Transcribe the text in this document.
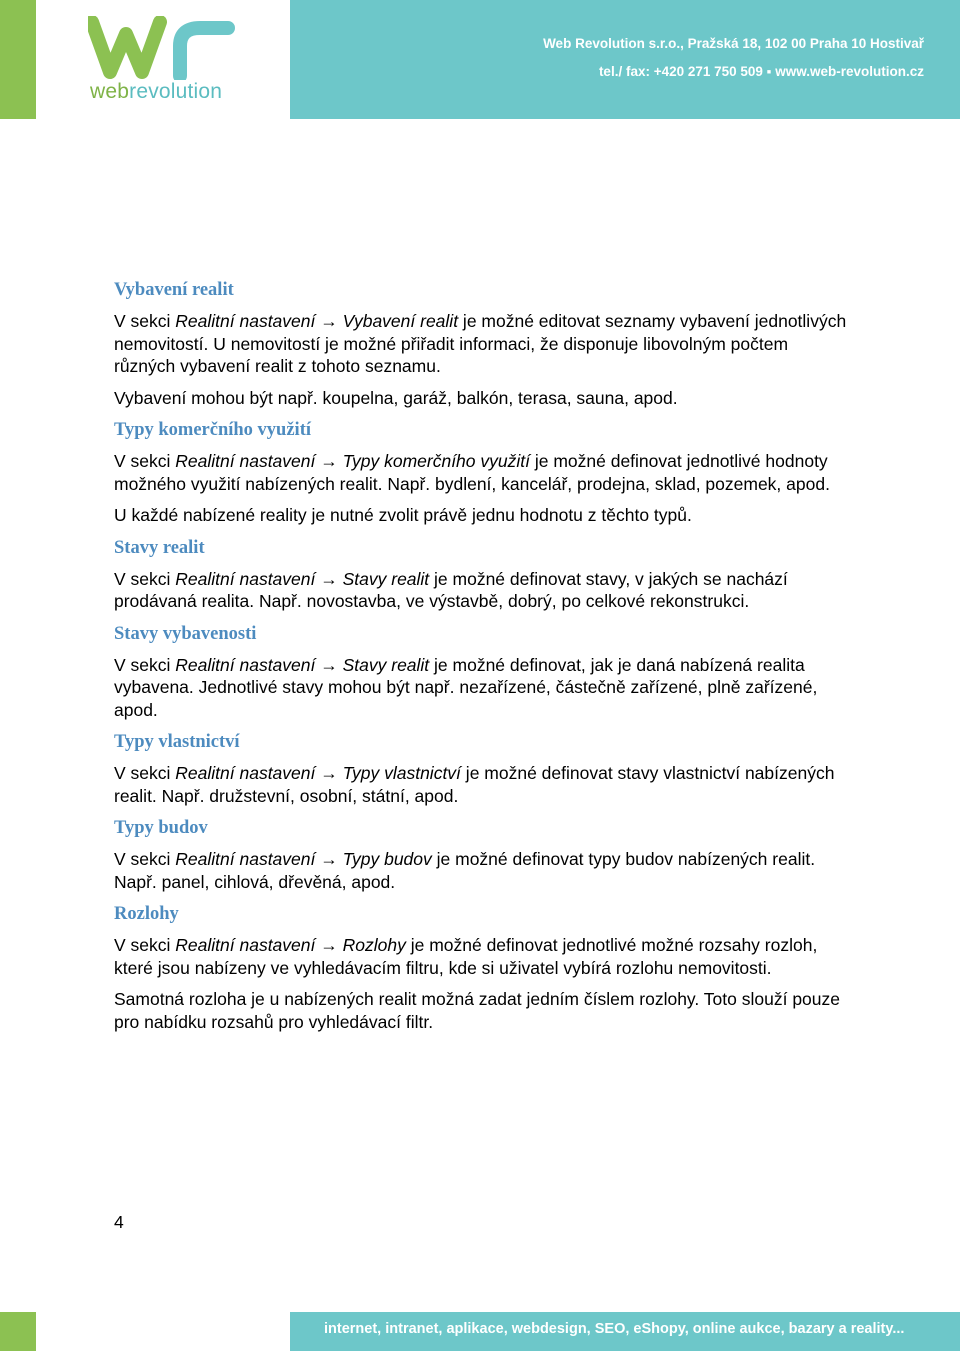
webrevolution
Web Revolution s.r.o., Pražská 18, 102 00 Praha 10 Hostivař
tel./ fax: +420 271 750 509 ▪ www.web-revolution.cz
Vybavení realit

V sekci Realitní nastavení → Vybavení realit je možné editovat seznamy vybavení jednotlivých nemovitostí. U nemovitostí je možné přiřadit informaci, že disponuje libovolným počtem různých vybavení realit z tohoto seznamu.

Vybavení mohou být např. koupelna, garáž, balkón, terasa, sauna, apod.

Typy komerčního využití

V sekci Realitní nastavení → Typy komerčního využití je možné definovat jednotlivé hodnoty možného využití nabízených realit. Např. bydlení, kancelář, prodejna, sklad, pozemek, apod.

U každé nabízené reality je nutné zvolit právě jednu hodnotu z těchto typů.

Stavy realit

V sekci Realitní nastavení → Stavy realit je možné definovat stavy, v jakých se nachází prodávaná realita. Např. novostavba, ve výstavbě, dobrý, po celkové rekonstrukci.

Stavy vybavenosti

V sekci Realitní nastavení → Stavy realit je možné definovat, jak je daná nabízená realita vybavena. Jednotlivé stavy mohou být např. nezařízené, částečně zařízené, plně zařízené, apod.

Typy vlastnictví

V sekci Realitní nastavení → Typy vlastnictví je možné definovat stavy vlastnictví nabízených realit. Např. družstevní, osobní, státní, apod.

Typy budov

V sekci Realitní nastavení → Typy budov je možné definovat typy budov nabízených realit. Např. panel, cihlová, dřevěná, apod.

Rozlohy

V sekci Realitní nastavení → Rozlohy je možné definovat jednotlivé možné rozsahy rozloh, které jsou nabízeny ve vyhledávacím filtru, kde si uživatel vybírá rozlohu nemovitosti.

Samotná rozloha je u nabízených realit možná zadat jedním číslem rozlohy. Toto slouží pouze pro nabídku rozsahů pro vyhledávací filtr.

4
internet, intranet, aplikace, webdesign, SEO, eShopy, online aukce, bazary a reality...
